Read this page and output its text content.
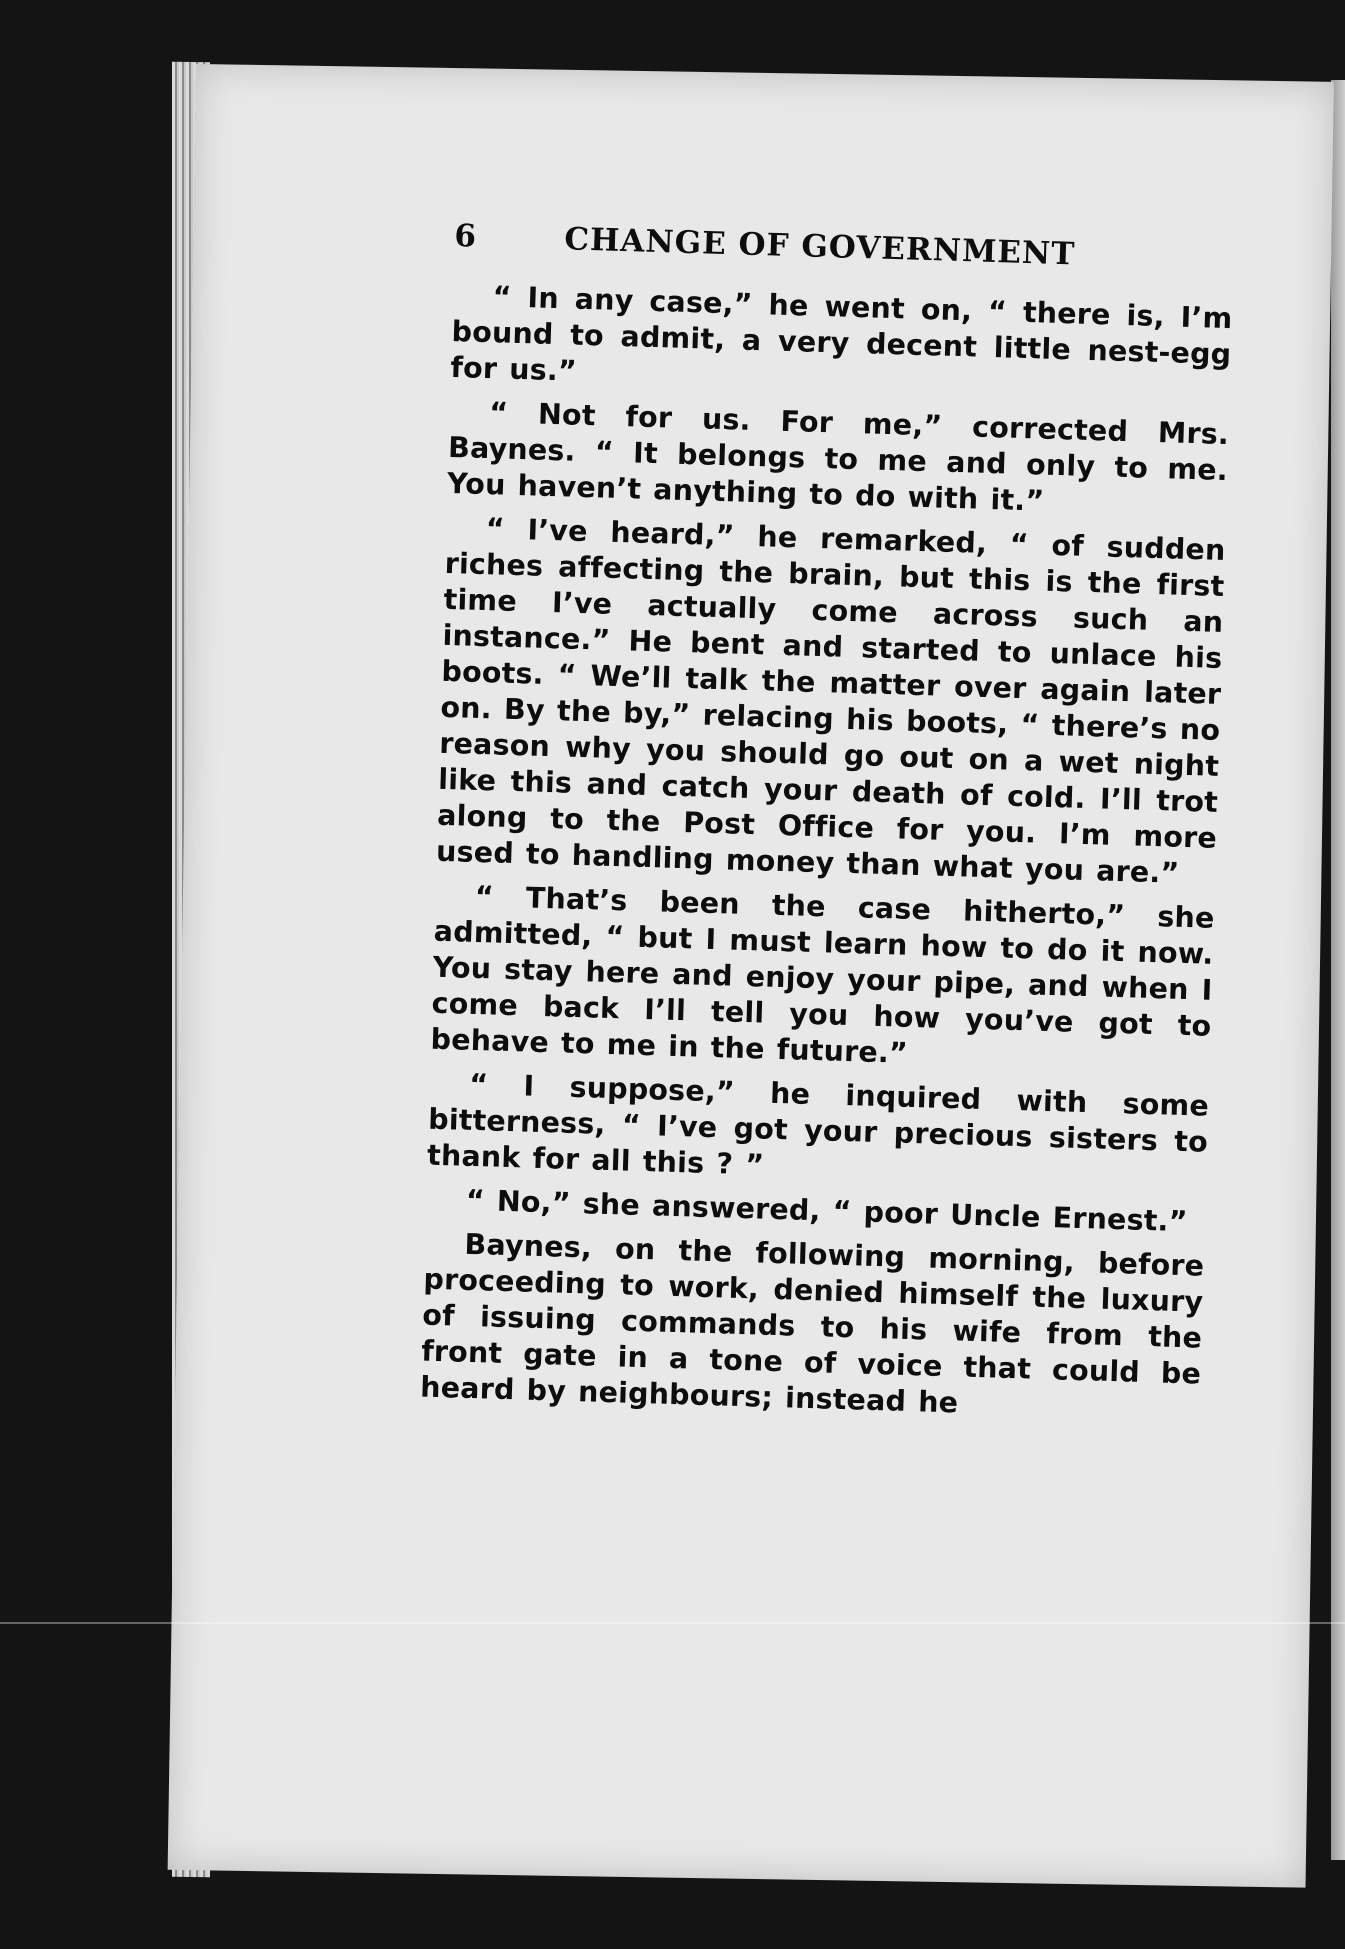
6	CHANGE OF GOVERNMENT

“ In any case,” he went on, “ there is, I’m bound to admit, a very decent little nest-egg for us.”

“ Not for us. For me,” corrected Mrs. Baynes. “ It belongs to me and only to me. You haven’t anything to do with it.”

“ I’ve heard,” he remarked, “ of sudden riches affecting the brain, but this is the first time I’ve actually come across such an instance.” He bent and started to unlace his boots. “ We’ll talk the matter over again later on. By the by,” relacing his boots, “ there’s no reason why you should go out on a wet night like this and catch your death of cold. I’ll trot along to the Post Office for you. I’m more used to handling money than what you are.”

“ That’s been the case hitherto,” she admitted, “ but I must learn how to do it now. You stay here and enjoy your pipe, and when I come back I’ll tell you how you’ve got to behave to me in the future.”

“ I suppose,” he inquired with some bitterness, “ I’ve got your precious sisters to thank for all this ? ”

“ No,” she answered, “ poor Uncle Ernest.”

Baynes, on the following morning, before proceeding to work, denied himself the luxury of issuing commands to his wife from the front gate in a tone of voice that could be heard by neighbours; instead he
